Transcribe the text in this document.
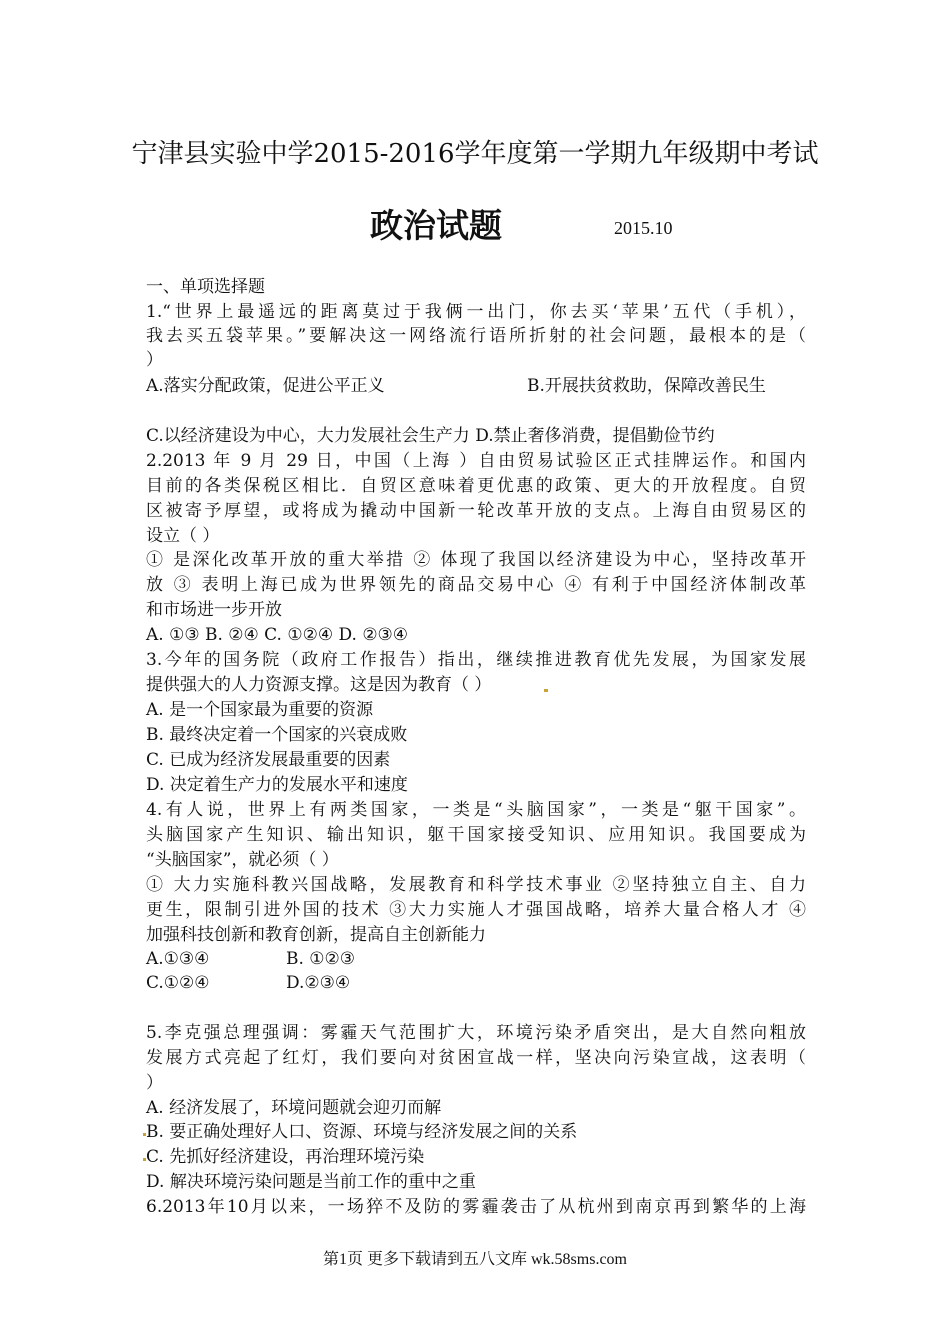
宁津县实验中学2015-2016学年度第一学期九年级期中考试
政治试题	2015.10
一、单项选择题
1.“世界上最遥远的距离莫过于我俩一出门，你去买‘苹果’五代（手机），
我去买五袋苹果。”要解决这一网络流行语所折射的社会问题，最根本的是（
）
A.落实分配政策，促进公平正义	B.开展扶贫救助，保障改善民生
C.以经济建设为中心，大力发展社会生产力 D.禁止奢侈消费，提倡勤俭节约
2.2013 年 9 月 29 日，中国（上海 ）自由贸易试验区正式挂牌运作。和国内
目前的各类保税区相比．自贸区意味着更优惠的政策、更大的开放程度。自贸
区被寄予厚望，或将成为撬动中国新一轮改革开放的支点。上海自由贸易区的
设立（ ）
① 是深化改革开放的重大举措 ② 体现了我国以经济建设为中心，坚持改革开
放 ③ 表明上海已成为世界领先的商品交易中心 ④ 有利于中国经济体制改革
和市场进一步开放
A. ①③ B. ②④ C. ①②④ D. ②③④
3.今年的国务院（政府工作报告）指出，继续推进教育优先发展，为国家发展
提供强大的人力资源支撑。这是因为教育（ ）
A. 是一个国家最为重要的资源
B. 最终决定着一个国家的兴衰成败
C. 已成为经济发展最重要的因素
D. 决定着生产力的发展水平和速度
4.有人说，世界上有两类国家，一类是“头脑国家”，一类是“躯干国家”。
头脑国家产生知识、输出知识，躯干国家接受知识、应用知识。我国要成为
“头脑国家”，就必须（ ）
① 大力实施科教兴国战略，发展教育和科学技术事业 ②坚持独立自主、自力
更生，限制引进外国的技术 ③大力实施人才强国战略，培养大量合格人才 ④
加强科技创新和教育创新，提高自主创新能力
A.①③④	B. ①②③
C.①②④	D.②③④
5.李克强总理强调：雾霾天气范围扩大，环境污染矛盾突出，是大自然向粗放
发展方式亮起了红灯，我们要向对贫困宣战一样，坚决向污染宣战，这表明（
）
A. 经济发展了，环境问题就会迎刃而解
B. 要正确处理好人口、资源、环境与经济发展之间的关系
C. 先抓好经济建设，再治理环境污染
D. 解决环境污染问题是当前工作的重中之重
6.2013年10月以来，一场猝不及防的雾霾袭击了从杭州到南京再到繁华的上海
第1页 更多下载请到五八文库 wk.58sms.com
